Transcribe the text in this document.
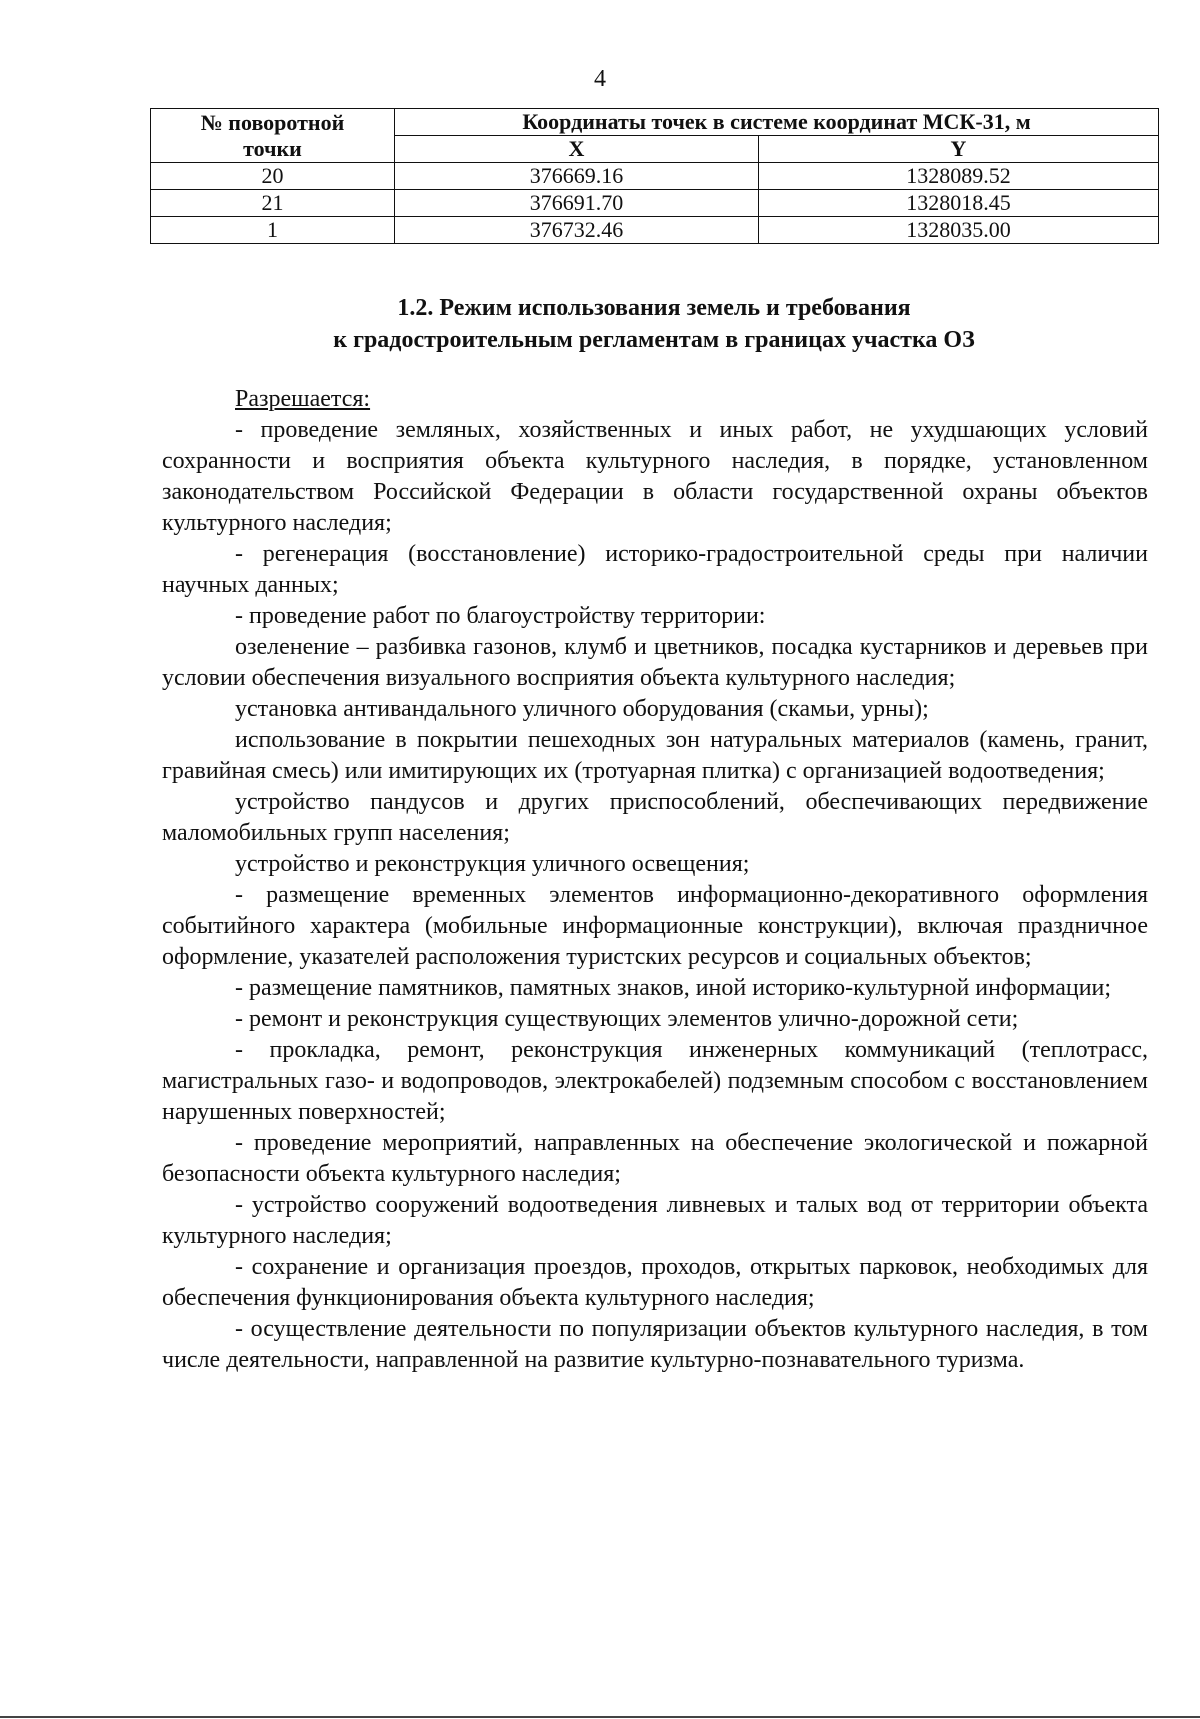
4
№ поворотной
точки	Координаты точек в системе координат МСК-31, м	
	X	Y
20	376669.16	1328089.52
21	376691.70	1328018.45
1	376732.46	1328035.00
1.2. Режим использования земель и требования
к градостроительным регламентам в границах участка ОЗ

Разрешается:

- проведение земляных, хозяйственных и иных работ, не ухудшающих условий сохранности и восприятия объекта культурного наследия, в порядке, установленном законодательством Российской Федерации в области государственной охраны объектов культурного наследия;

- регенерация (восстановление) историко-градостроительной среды при наличии научных данных;

- проведение работ по благоустройству территории:

озеленение – разбивка газонов, клумб и цветников, посадка кустарников и деревьев при условии обеспечения визуального восприятия объекта культурного наследия;

установка антивандального уличного оборудования (скамьи, урны);

использование в покрытии пешеходных зон натуральных материалов (камень, гранит, гравийная смесь) или имитирующих их (тротуарная плитка) с организацией водоотведения;

устройство пандусов и других приспособлений, обеспечивающих передвижение маломобильных групп населения;

устройство и реконструкция уличного освещения;

- размещение временных элементов информационно-декоративного оформления событийного характера (мобильные информационные конструкции), включая праздничное оформление, указателей расположения туристских ресурсов и социальных объектов;

- размещение памятников, памятных знаков, иной историко-культурной информации;

- ремонт и реконструкция существующих элементов улично-дорожной сети;

- прокладка, ремонт, реконструкция инженерных коммуникаций (теплотрасс, магистральных газо- и водопроводов, электрокабелей) подземным способом с восстановлением нарушенных поверхностей;

- проведение мероприятий, направленных на обеспечение экологической и пожарной безопасности объекта культурного наследия;

- устройство сооружений водоотведения ливневых и талых вод от территории объекта культурного наследия;

- сохранение и организация проездов, проходов, открытых парковок, необходимых для обеспечения функционирования объекта культурного наследия;

- осуществление деятельности по популяризации объектов культурного наследия, в том числе деятельности, направленной на развитие культурно-познавательного туризма.
